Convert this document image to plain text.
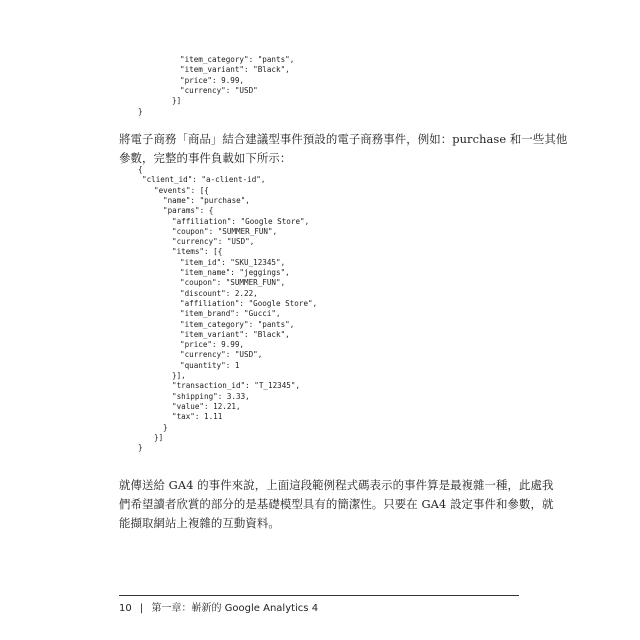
"item_category": "pants",
"item_variant": "Black",
"price": 9.99,
"currency": "USD"
}]
}
將電子商務「商品」結合建議型事件預設的電子商務事件，例如：purchase 和一些其他
參數，完整的事件負載如下所示：
{
"client_id": "a-client-id",
"events": [{
"name": "purchase",
"params": {
"affiliation": "Google Store",
"coupon": "SUMMER_FUN",
"currency": "USD",
"items": [{
"item_id": "SKU_12345",
"item_name": "jeggings",
"coupon": "SUMMER_FUN",
"discount": 2.22,
"affiliation": "Google Store",
"item_brand": "Gucci",
"item_category": "pants",
"item_variant": "Black",
"price": 9.99,
"currency": "USD",
"quantity": 1
}],
"transaction_id": "T_12345",
"shipping": 3.33,
"value": 12.21,
"tax": 1.11
}
}]
}
就傳送給 GA4 的事件來說，上面這段範例程式碼表示的事件算是最複雜一種，此處我
們希望讀者欣賞的部分的是基礎模型具有的簡潔性。只要在 GA4 設定事件和參數，就
能擷取網站上複雜的互動資料。
10 | 第一章：嶄新的 Google Analytics 4
